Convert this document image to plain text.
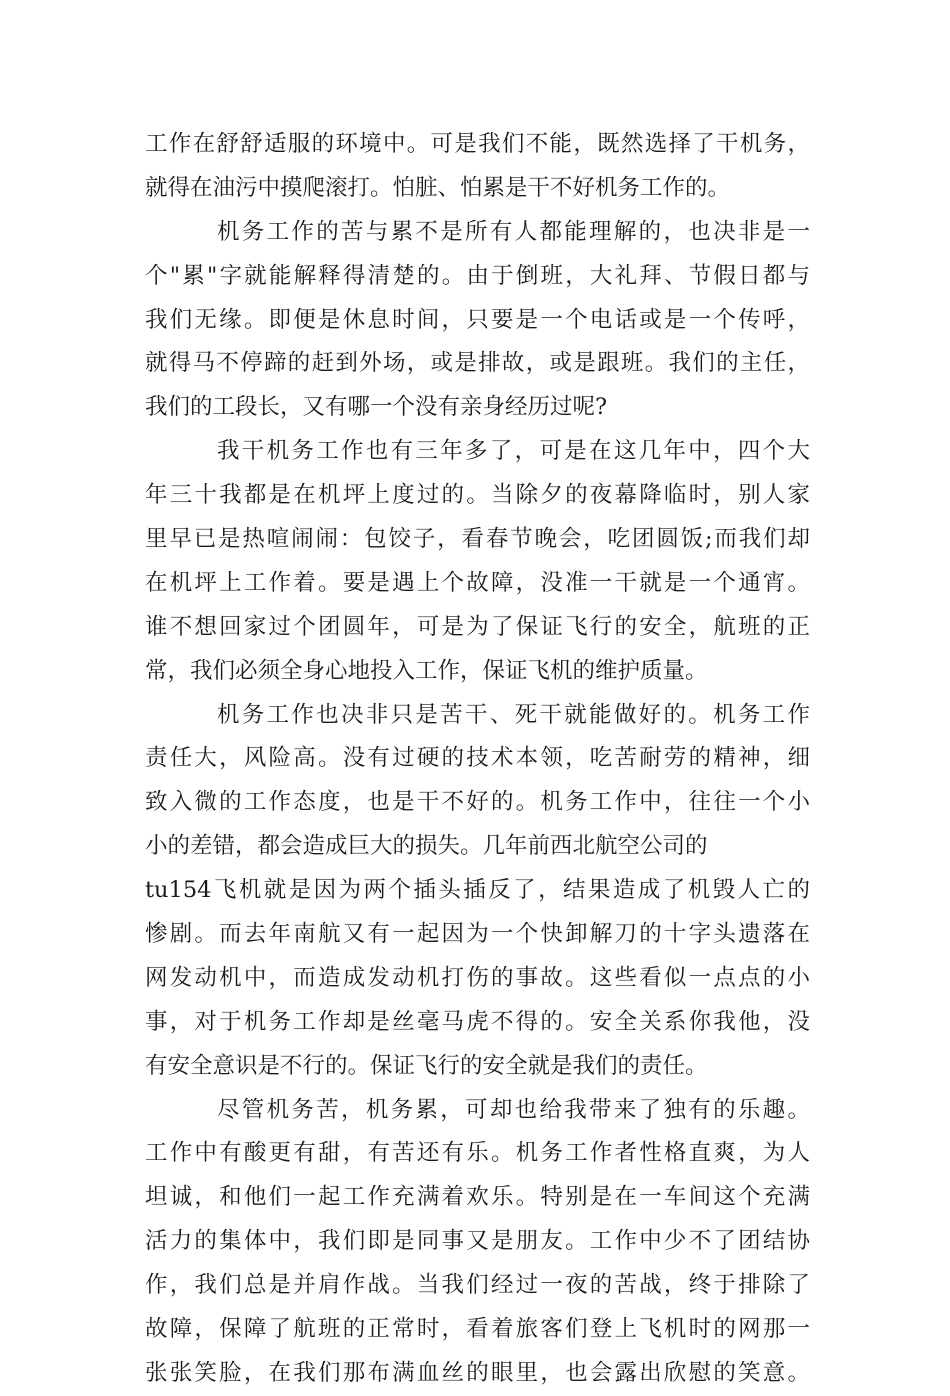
工作在舒舒适服的环境中。可是我们不能，既然选择了干机务，
就得在油污中摸爬滚打。怕脏、怕累是干不好机务工作的。
机务工作的苦与累不是所有人都能理解的，也决非是一
个"累"字就能解释得清楚的。由于倒班，大礼拜、节假日都与
我们无缘。即便是休息时间，只要是一个电话或是一个传呼，
就得马不停蹄的赶到外场，或是排故，或是跟班。我们的主任，
我们的工段长，又有哪一个没有亲身经历过呢?
我干机务工作也有三年多了，可是在这几年中，四个大
年三十我都是在机坪上度过的。当除夕的夜幕降临时，别人家
里早已是热喧闹闹：包饺子，看春节晚会，吃团圆饭;而我们却
在机坪上工作着。要是遇上个故障，没准一干就是一个通宵。
谁不想回家过个团圆年，可是为了保证飞行的安全，航班的正
常，我们必须全身心地投入工作，保证飞机的维护质量。
机务工作也决非只是苦干、死干就能做好的。机务工作
责任大，风险高。没有过硬的技术本领，吃苦耐劳的精神，细
致入微的工作态度，也是干不好的。机务工作中，往往一个小
小的差错，都会造成巨大的损失。几年前西北航空公司的
tu154飞机就是因为两个插头插反了，结果造成了机毁人亡的
惨剧。而去年南航又有一起因为一个快卸解刀的十字头遗落在
网发动机中，而造成发动机打伤的事故。这些看似一点点的小
事，对于机务工作却是丝毫马虎不得的。安全关系你我他，没
有安全意识是不行的。保证飞行的安全就是我们的责任。
尽管机务苦，机务累，可却也给我带来了独有的乐趣。
工作中有酸更有甜，有苦还有乐。机务工作者性格直爽，为人
坦诚，和他们一起工作充满着欢乐。特别是在一车间这个充满
活力的集体中，我们即是同事又是朋友。工作中少不了团结协
作，我们总是并肩作战。当我们经过一夜的苦战，终于排除了
故障，保障了航班的正常时，看着旅客们登上飞机时的网那一
张张笑脸，在我们那布满血丝的眼里，也会露出欣慰的笑意。
